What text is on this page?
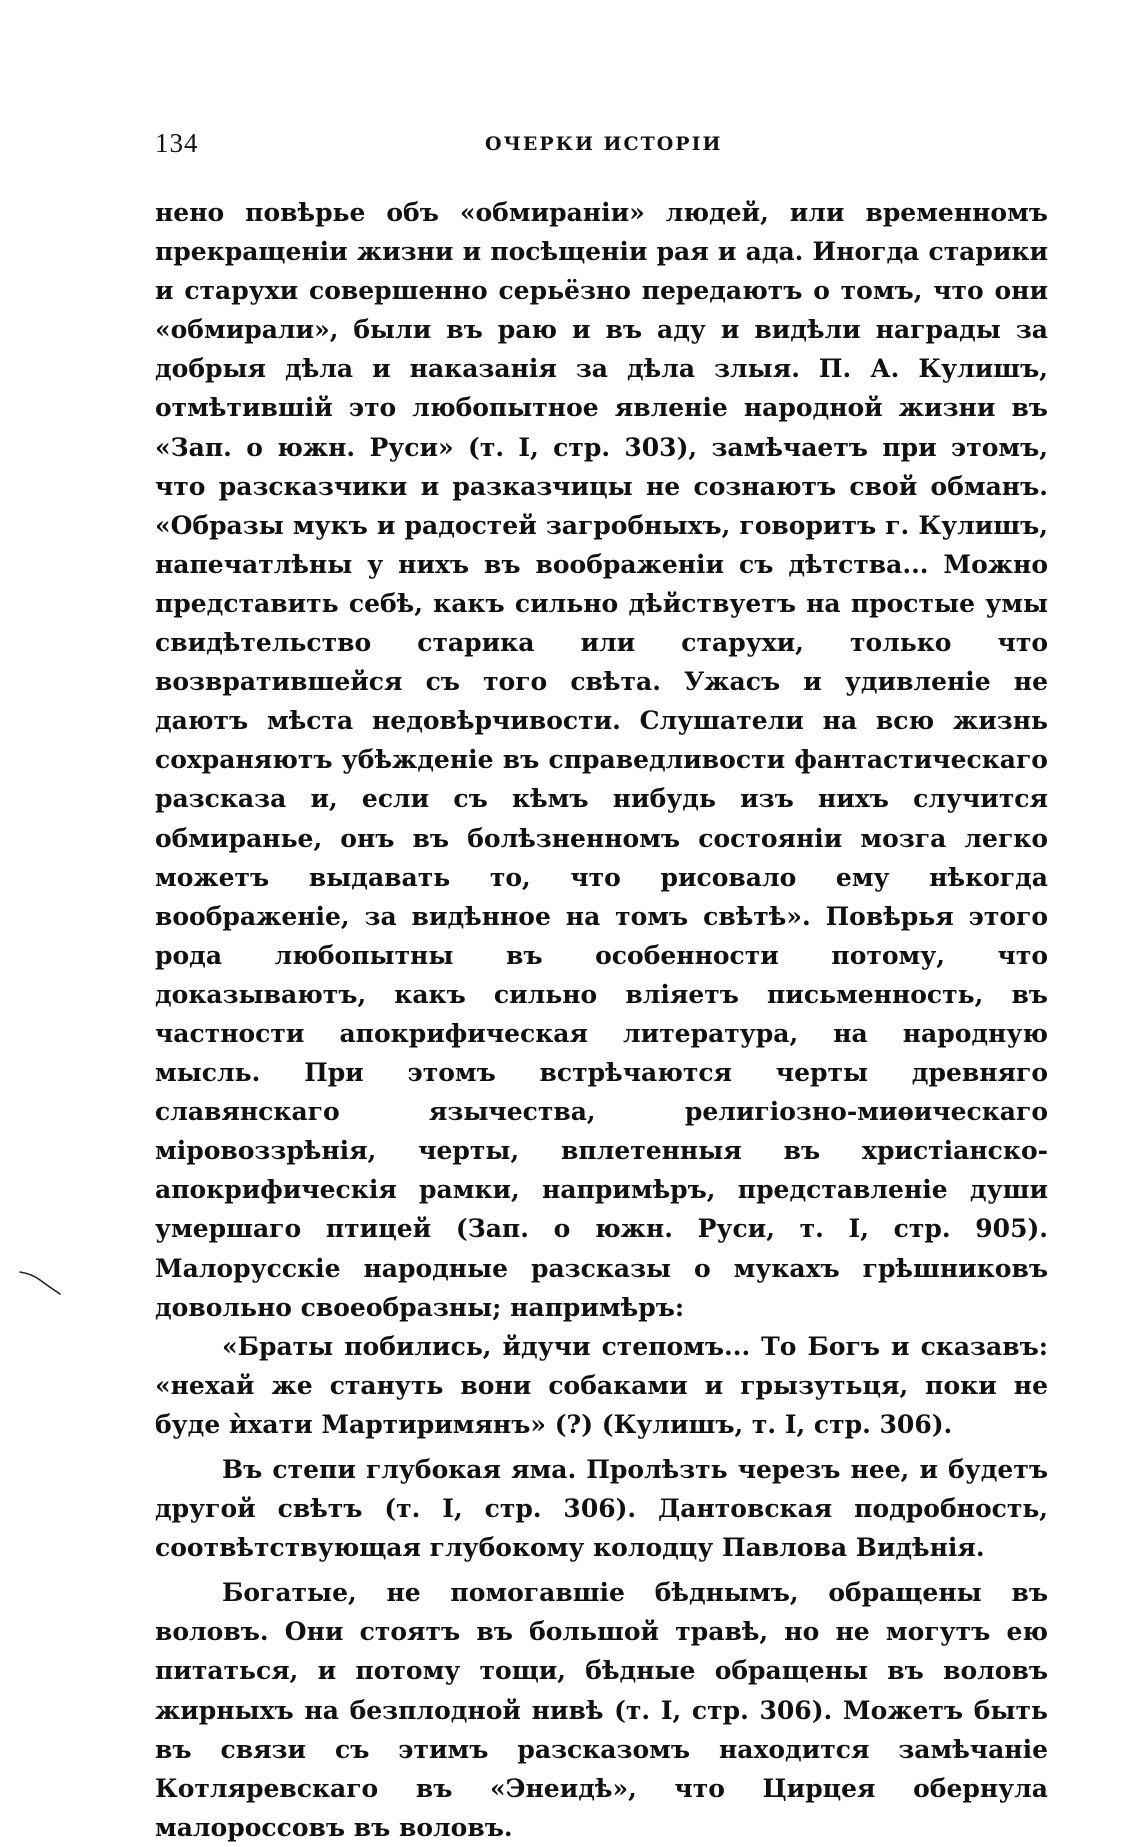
134	ОЧЕРКИ ИСТОРІИ

нено повѣрье объ «обмираніи» людей, или временномъ прекращеніи жизни и посѣщеніи рая и ада. Иногда старики и старухи совершенно серьёзно передаютъ о томъ, что они «обмирали», были въ раю и въ аду и видѣли награды за добрыя дѣла и наказанія за дѣла злыя. П. А. Кулишъ, отмѣтившій это любопытное явленіе народной жизни въ «Зап. о южн. Руси» (т. I, стр. 303), замѣчаетъ при этомъ, что разсказчики и разказчицы не сознаютъ свой обманъ. «Образы мукъ и радостей загробныхъ, говоритъ г. Кулишъ, напечатлѣны у нихъ въ воображеніи съ дѣтства... Можно представить себѣ, какъ сильно дѣйствуетъ на простые умы свидѣтельство старика или старухи, только что возвратившейся съ того свѣта. Ужасъ и удивленіе не даютъ мѣста недовѣрчивости. Слушатели на всю жизнь сохраняютъ убѣжденіе въ справедливости фантастическаго разсказа и, если съ кѣмъ нибудь изъ нихъ случится обмиранье, онъ въ болѣзненномъ состояніи мозга легко можетъ выдавать то, что рисовало ему нѣкогда воображеніе, за видѣнное на томъ свѣтѣ». Повѣрья этого рода любопытны въ особенности потому, что доказываютъ, какъ сильно вліяетъ письменность, въ частности апокрифическая литература, на народную мысль. При этомъ встрѣчаются черты древняго славянскаго язычества, религіозно-миѳическаго міровоззрѣнія, черты, вплетенныя въ христіанско-апокрифическія рамки, напримѣръ, представленіе души умершаго птицей (Зап. о южн. Руси, т. I, стр. 905). Малорусскіе народные разсказы о мукахъ грѣшниковъ довольно своеобразны; напримѣръ:

«Браты побились, йдучи степомъ... То Богъ и сказавъ: «нехай же стануть вони собаками и грызутьця, поки не буде ѝхати Мартиримянъ» (?) (Кулишъ, т. I, стр. 306).

Въ степи глубокая яма. Пролѣзть черезъ нее, и будетъ другой свѣтъ (т. I, стр. 306). Дантовская подробность, соотвѣтствующая глубокому колодцу Павлова Видѣнія.

Богатые, не помогавшіе бѣднымъ, обращены въ воловъ. Они стоятъ въ большой травѣ, но не могутъ ею питаться, и потому тощи, бѣдные обращены въ воловъ жирныхъ на безплодной нивѣ (т. I, стр. 306). Можетъ быть въ связи съ этимъ разсказомъ находится замѣчаніе Котляревскаго въ «Энеидѣ», что Цирцея обернула малороссовъ въ воловъ.
